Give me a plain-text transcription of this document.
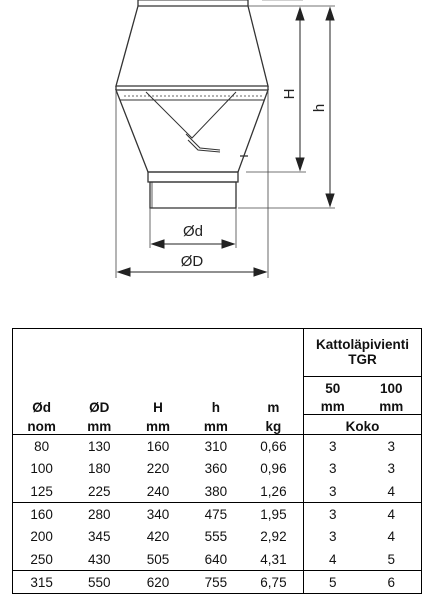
H
h
Ød
ØD

					Kattoläpivienti
TGR	

Ød	ØD	H	h	m	50	100
					mm	mm
nom	mm	mm	mm	kg	Koko	
80	130	160	310	0,66	3	3
100	180	220	360	0,96	3	3
125	225	240	380	1,26	3	4
160	280	340	475	1,95	3	4
200	345	420	555	2,92	3	4
250	430	505	640	4,31	4	5
315	550	620	755	6,75	5	6
